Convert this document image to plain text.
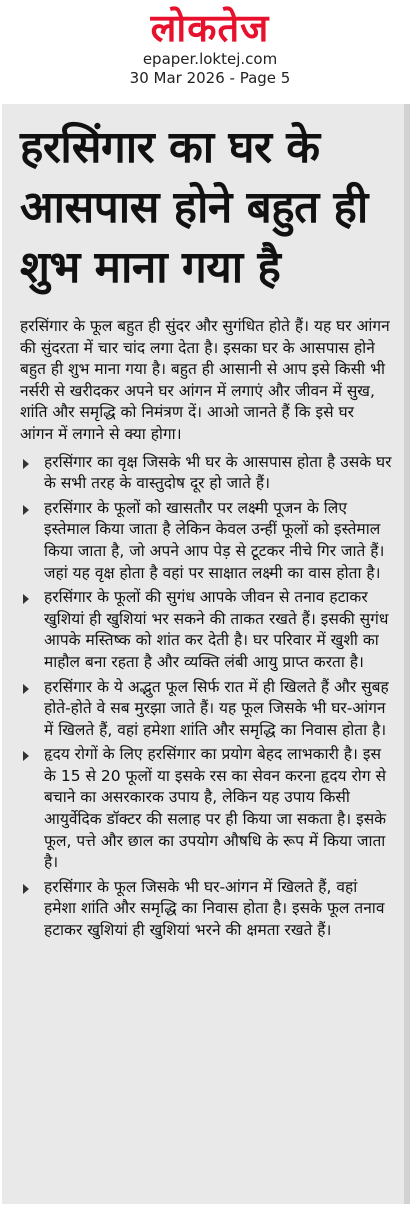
लोकतेज
epaper.loktej.com
30 Mar 2026 - Page 5
हरसिंगार का घर के आसपास होने बहुत ही शुभ माना गया है

हरसिंगार के फूल बहुत ही सुंदर और सुगंधित होते हैं। यह घर आंगन की सुंदरता में चार चांद लगा देता है। इसका घर के आसपास होने बहुत ही शुभ माना गया है। बहुत ही आसानी से आप इसे किसी भी नर्सरी से खरीदकर अपने घर आंगन में लगाएं और जीवन में सुख, शांति और समृद्धि को निमंत्रण दें। आओ जानते हैं कि इसे घर आंगन में लगाने से क्या होगा।

हरसिंगार का वृक्ष जिसके भी घर के आसपास होता है उसके घर के सभी तरह के वास्तुदोष दूर हो जाते हैं।
हरसिंगार के फूलों को खासतौर पर लक्ष्मी पूजन के लिए इस्तेमाल किया जाता है लेकिन केवल उन्हीं फूलों को इस्तेमाल किया जाता है, जो अपने आप पेड़ से टूटकर नीचे गिर जाते हैं। जहां यह वृक्ष होता है वहां पर साक्षात लक्ष्मी का वास होता है।
हरसिंगार के फूलों की सुगंध आपके जीवन से तनाव हटाकर खुशियां ही खुशियां भर सकने की ताकत रखते हैं। इसकी सुगंध आपके मस्तिष्क को शांत कर देती है। घर परिवार में खुशी का माहौल बना रहता है और व्यक्ति लंबी आयु प्राप्त करता है।
हरसिंगार के ये अद्भुत फूल सिर्फ रात में ही खिलते हैं और सुबह होते-होते वे सब मुरझा जाते हैं। यह फूल जिसके भी घर-आंगन में खिलते हैं, वहां हमेशा शांति और समृद्धि का निवास होता है।
हृदय रोगों के लिए हरसिंगार का प्रयोग बेहद लाभकारी है। इस के 15 से 20 फूलों या इसके रस का सेवन करना हृदय रोग से बचाने का असरकारक उपाय है, लेकिन यह उपाय किसी आयुर्वेदिक डॉक्टर की सलाह पर ही किया जा सकता है। इसके फूल, पत्ते और छाल का उपयोग औषधि के रूप में किया जाता है।
हरसिंगार के फूल जिसके भी घर-आंगन में खिलते हैं, वहां हमेशा शांति और समृद्धि का निवास होता है। इसके फूल तनाव हटाकर खुशियां ही खुशियां भरने की क्षमता रखते हैं।
